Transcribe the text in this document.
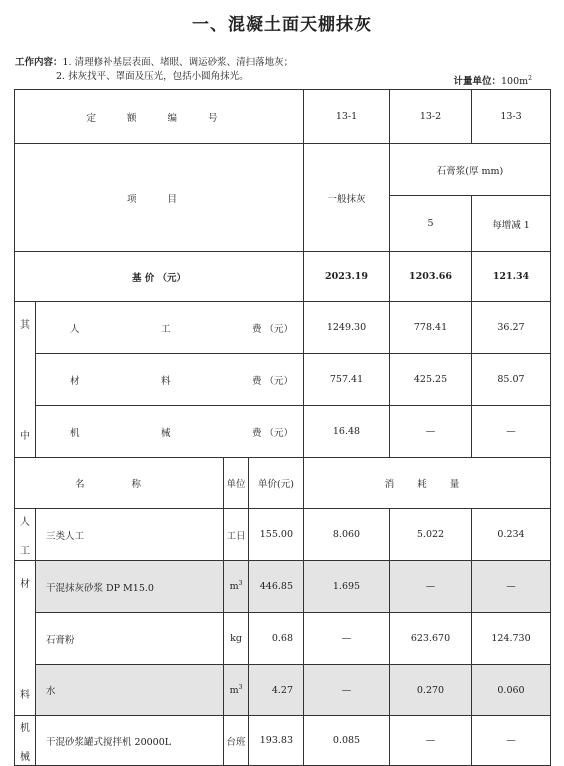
一、混凝土面天棚抹灰
工作内容：1. 清理修补基层表面、堵眼、调运砂浆、清扫落地灰；
2. 抹灰找平、罩面及压光，包括小圆角抹光。	计量单位：$100m^2$
定 额 编 号				13-1	13-2	13-3
项 目				一般抹灰	石膏浆(厚 mm)	
					5	每增减 1
基 价 （元）				2023.19	1203.66	121.34

其
中	人 工 费 （元）			1249.30	778.41	36.27

	材 料 费 （元）			757.41	425.25	85.07

	机 械 费 （元）			16.48	—	—
名 称		单位	单价(元)	消 耗 量		

人
工	三类人工	工日	155.00	8.060	5.022	0.234

材
料	干混抹灰砂浆 DP M15.0	$m^3$	446.85	1.695	—	—
	石膏粉	kg	0.68	—	623.670	124.730
	水	$m^3$	4.27	—	0.270	0.060

机
械	干混砂浆罐式搅拌机 20000L	台班	193.83	0.085	—	—
